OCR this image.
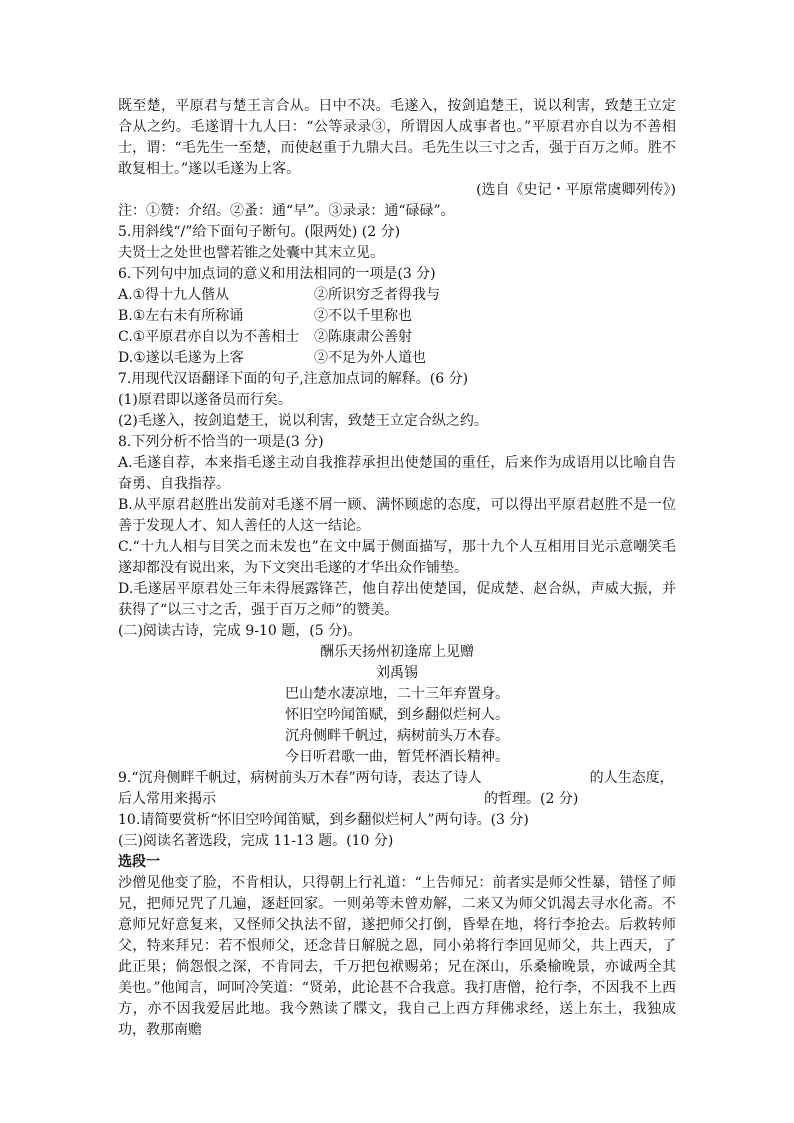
既至楚，平原君与楚王言合从。日中不决。毛遂入，按剑追楚王，说以利害，致楚王立定合从之约。毛遂谓十九人曰：“公等录录③，所谓因人成事者也。”平原君亦自以为不善相士，谓：“毛先生一至楚，而使赵重于九鼎大吕。毛先生以三寸之舌，强于百万之师。胜不敢复相士。”遂以毛遂为上客。

(选自《史记・平原常虞卿列传》)

注：①赞：介绍。②蚤：通“早”。③录录：通“碌碌”。

5.用斜线“/”给下面句子断句。(限两处) (2 分)

夫贤士之处世也譬若锥之处囊中其末立见。

6.下列句中加点词的意义和用法相同的一项是(3 分)

A.①得十九人偕从	②所识穷乏者得我与
B.①左右未有所称诵	②不以千里称也
C.①平原君亦自以为不善相士	②陈康肃公善射
D.①遂以毛遂为上客	②不足为外人道也

7.用现代汉语翻译下面的句子,注意加点词的解释。(6 分)

(1)原君即以遂备员而行矣。

(2)毛遂入，按剑追楚王，说以利害，致楚王立定合纵之约。

8.下列分析不恰当的一项是(3 分)

A.毛遂自荐，本来指毛遂主动自我推荐承担出使楚国的重任，后来作为成语用以比喻自告奋勇、自我指荐。

B.从平原君赵胜出发前对毛遂不屑一顾、满怀顾虑的态度，可以得出平原君赵胜不是一位善于发现人才、知人善任的人这一结论。

C.“十九人相与目笑之而未发也”在文中属于侧面描写，那十九个人互相用目光示意嘲笑毛遂却都没有说出来，为下文突出毛遂的才华出众作铺垫。

D.毛遂居平原君处三年未得展露锋芒，他自荐出使楚国，促成楚、赵合纵，声威大振，并获得了“以三寸之舌，强于百万之师”的赞美。

(二)阅读古诗，完成 9-10 题，(5 分)。

酬乐天扬州初逢席上见赠

刘禹锡

巴山楚水凄凉地，二十三年弃置身。

怀旧空吟闻笛赋，到乡翻似烂柯人。

沉舟侧畔千帆过，病树前头万木春。

今日听君歌一曲，暂凭杯酒长精神。

9.“沉舟侧畔千帆过，病树前头万木春”两句诗，表达了诗人	的人生态度，

后人常用来揭示	的哲理。(2 分)

10.请简要赏析“怀旧空吟闻笛赋，到乡翻似烂柯人”两句诗。(3 分)

(三)阅读名著选段，完成 11-13 题。(10 分)

选段一

沙僧见他变了脸，不肯相认，只得朝上行礼道：“上告师兄：前者实是师父性暴，错怪了师兄，把师兄咒了几遍，逐赶回家。一则弟等未曾劝解，二来又为师父饥渴去寻水化斋。不意师兄好意复来，又怪师父执法不留，遂把师父打倒，昏晕在地，将行李抢去。后救转师父，特来拜兄：若不恨师父，还念昔日解脱之恩，同小弟将行李回见师父，共上西天，了此正果；倘怨恨之深，不肯同去，千万把包袱赐弟；兄在深山，乐桑榆晚景，亦诚两全其美也。”他闻言，呵呵冷笑道：“贤弟，此论甚不合我意。我打唐僧，抢行李，不因我不上西方，亦不因我爱居此地。我今熟读了牒文，我自己上西方拜佛求经，送上东土，我独成功，教那南赡
